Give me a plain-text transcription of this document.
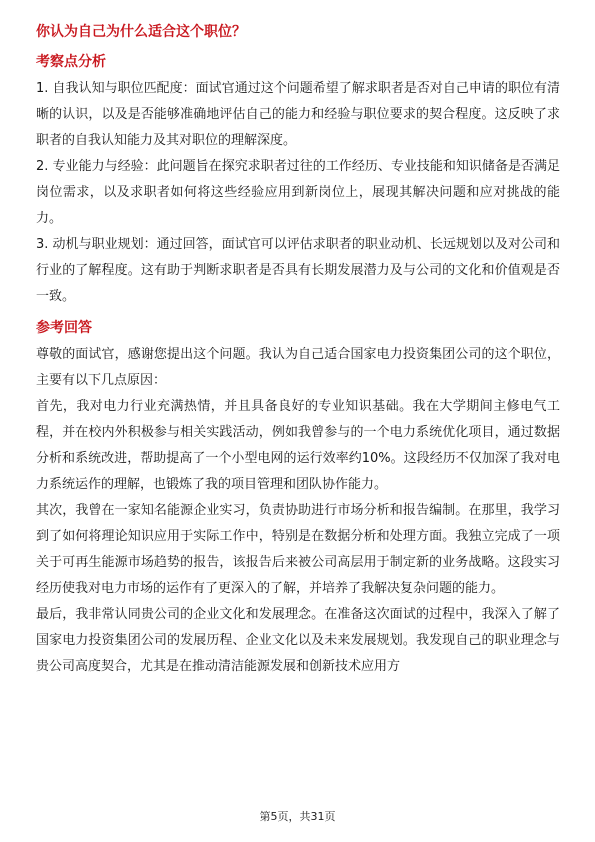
你认为自己为什么适合这个职位？
考察点分析

1. 自我认知与职位匹配度：面试官通过这个问题希望了解求职者是否对自己申请的职位有清晰的认识，以及是否能够准确地评估自己的能力和经验与职位要求的契合程度。这反映了求职者的自我认知能力及其对职位的理解深度。

2. 专业能力与经验：此问题旨在探究求职者过往的工作经历、专业技能和知识储备是否满足岗位需求，以及求职者如何将这些经验应用到新岗位上，展现其解决问题和应对挑战的能力。

3. 动机与职业规划：通过回答，面试官可以评估求职者的职业动机、长远规划以及对公司和行业的了解程度。这有助于判断求职者是否具有长期发展潜力及与公司的文化和价值观是否一致。

参考回答

尊敬的面试官，感谢您提出这个问题。我认为自己适合国家电力投资集团公司的这个职位，主要有以下几点原因：

首先，我对电力行业充满热情，并且具备良好的专业知识基础。我在大学期间主修电气工程，并在校内外积极参与相关实践活动，例如我曾参与的一个电力系统优化项目，通过数据分析和系统改进，帮助提高了一个小型电网的运行效率约10%。这段经历不仅加深了我对电力系统运作的理解，也锻炼了我的项目管理和团队协作能力。

其次，我曾在一家知名能源企业实习，负责协助进行市场分析和报告编制。在那里，我学习到了如何将理论知识应用于实际工作中，特别是在数据分析和处理方面。我独立完成了一项关于可再生能源市场趋势的报告，该报告后来被公司高层用于制定新的业务战略。这段实习经历使我对电力市场的运作有了更深入的了解，并培养了我解决复杂问题的能力。

最后，我非常认同贵公司的企业文化和发展理念。在准备这次面试的过程中，我深入了解了国家电力投资集团公司的发展历程、企业文化以及未来发展规划。我发现自己的职业理念与贵公司高度契合，尤其是在推动清洁能源发展和创新技术应用方

第5页，共31页
